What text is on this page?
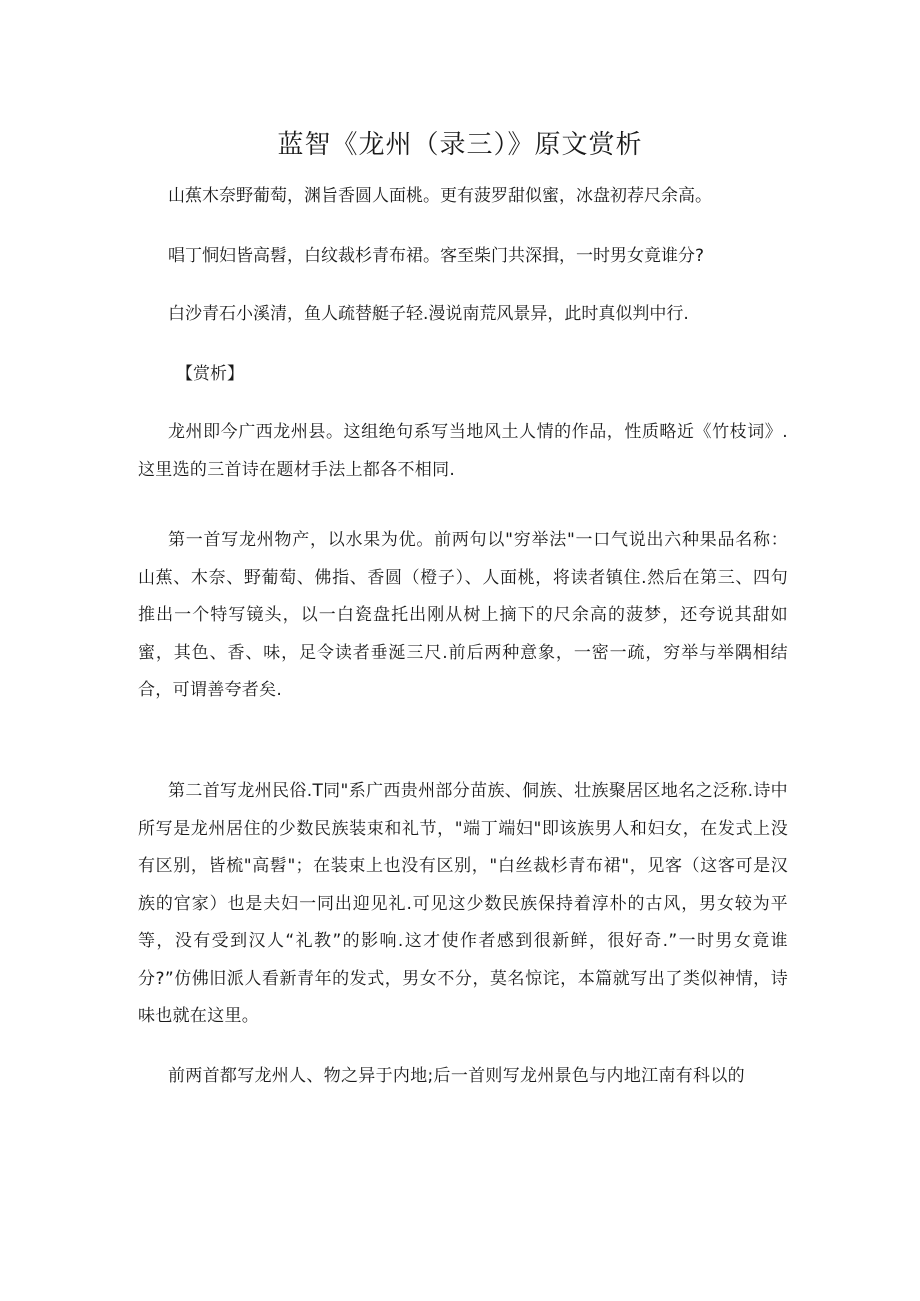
蓝智《龙州（录三）》原文赏析

山蕉木奈野葡萄，渊旨香圆人面桃。更有菠罗甜似蜜，冰盘初荐尺余高。

唱丁恫妇皆高髫，白纹裁杉青布裙。客至柴门共深揖，一时男女竟谁分?

白沙青石小溪清，鱼人疏替艇子轻.漫说南荒风景异，此时真似判中行.

【赏析】

龙州即今广西龙州县。这组绝句系写当地风土人情的作品，性质略近《竹枝词》.这里选的三首诗在题材手法上都各不相同.

第一首写龙州物产，以水果为优。前两句以"穷举法"一口气说出六种果品名称：山蕉、木奈、野葡萄、佛指、香圆（橙子）、人面桃，将读者镇住.然后在第三、四句推出一个特写镜头，以一白瓷盘托出刚从树上摘下的尺余高的菠梦，还夸说其甜如蜜，其色、香、味，足令读者垂涎三尺.前后两种意象，一密一疏，穷举与举隅相结合，可谓善夸者矣.

第二首写龙州民俗.T同"系广西贵州部分苗族、侗族、壮族聚居区地名之泛称.诗中所写是龙州居住的少数民族装束和礼节，"端丁端妇"即该族男人和妇女，在发式上没有区别，皆梳"高髫"；在装束上也没有区别，"白丝裁杉青布裙"，见客（这客可是汉族的官家）也是夫妇一同出迎见礼.可见这少数民族保持着淳朴的古风，男女较为平等，没有受到汉人“礼教”的影响.这才使作者感到很新鲜，很好奇.”一时男女竟谁分?”仿佛旧派人看新青年的发式，男女不分，莫名惊诧，本篇就写出了类似神情，诗味也就在这里。

前两首都写龙州人、物之异于内地;后一首则写龙州景色与内地江南有科以的
